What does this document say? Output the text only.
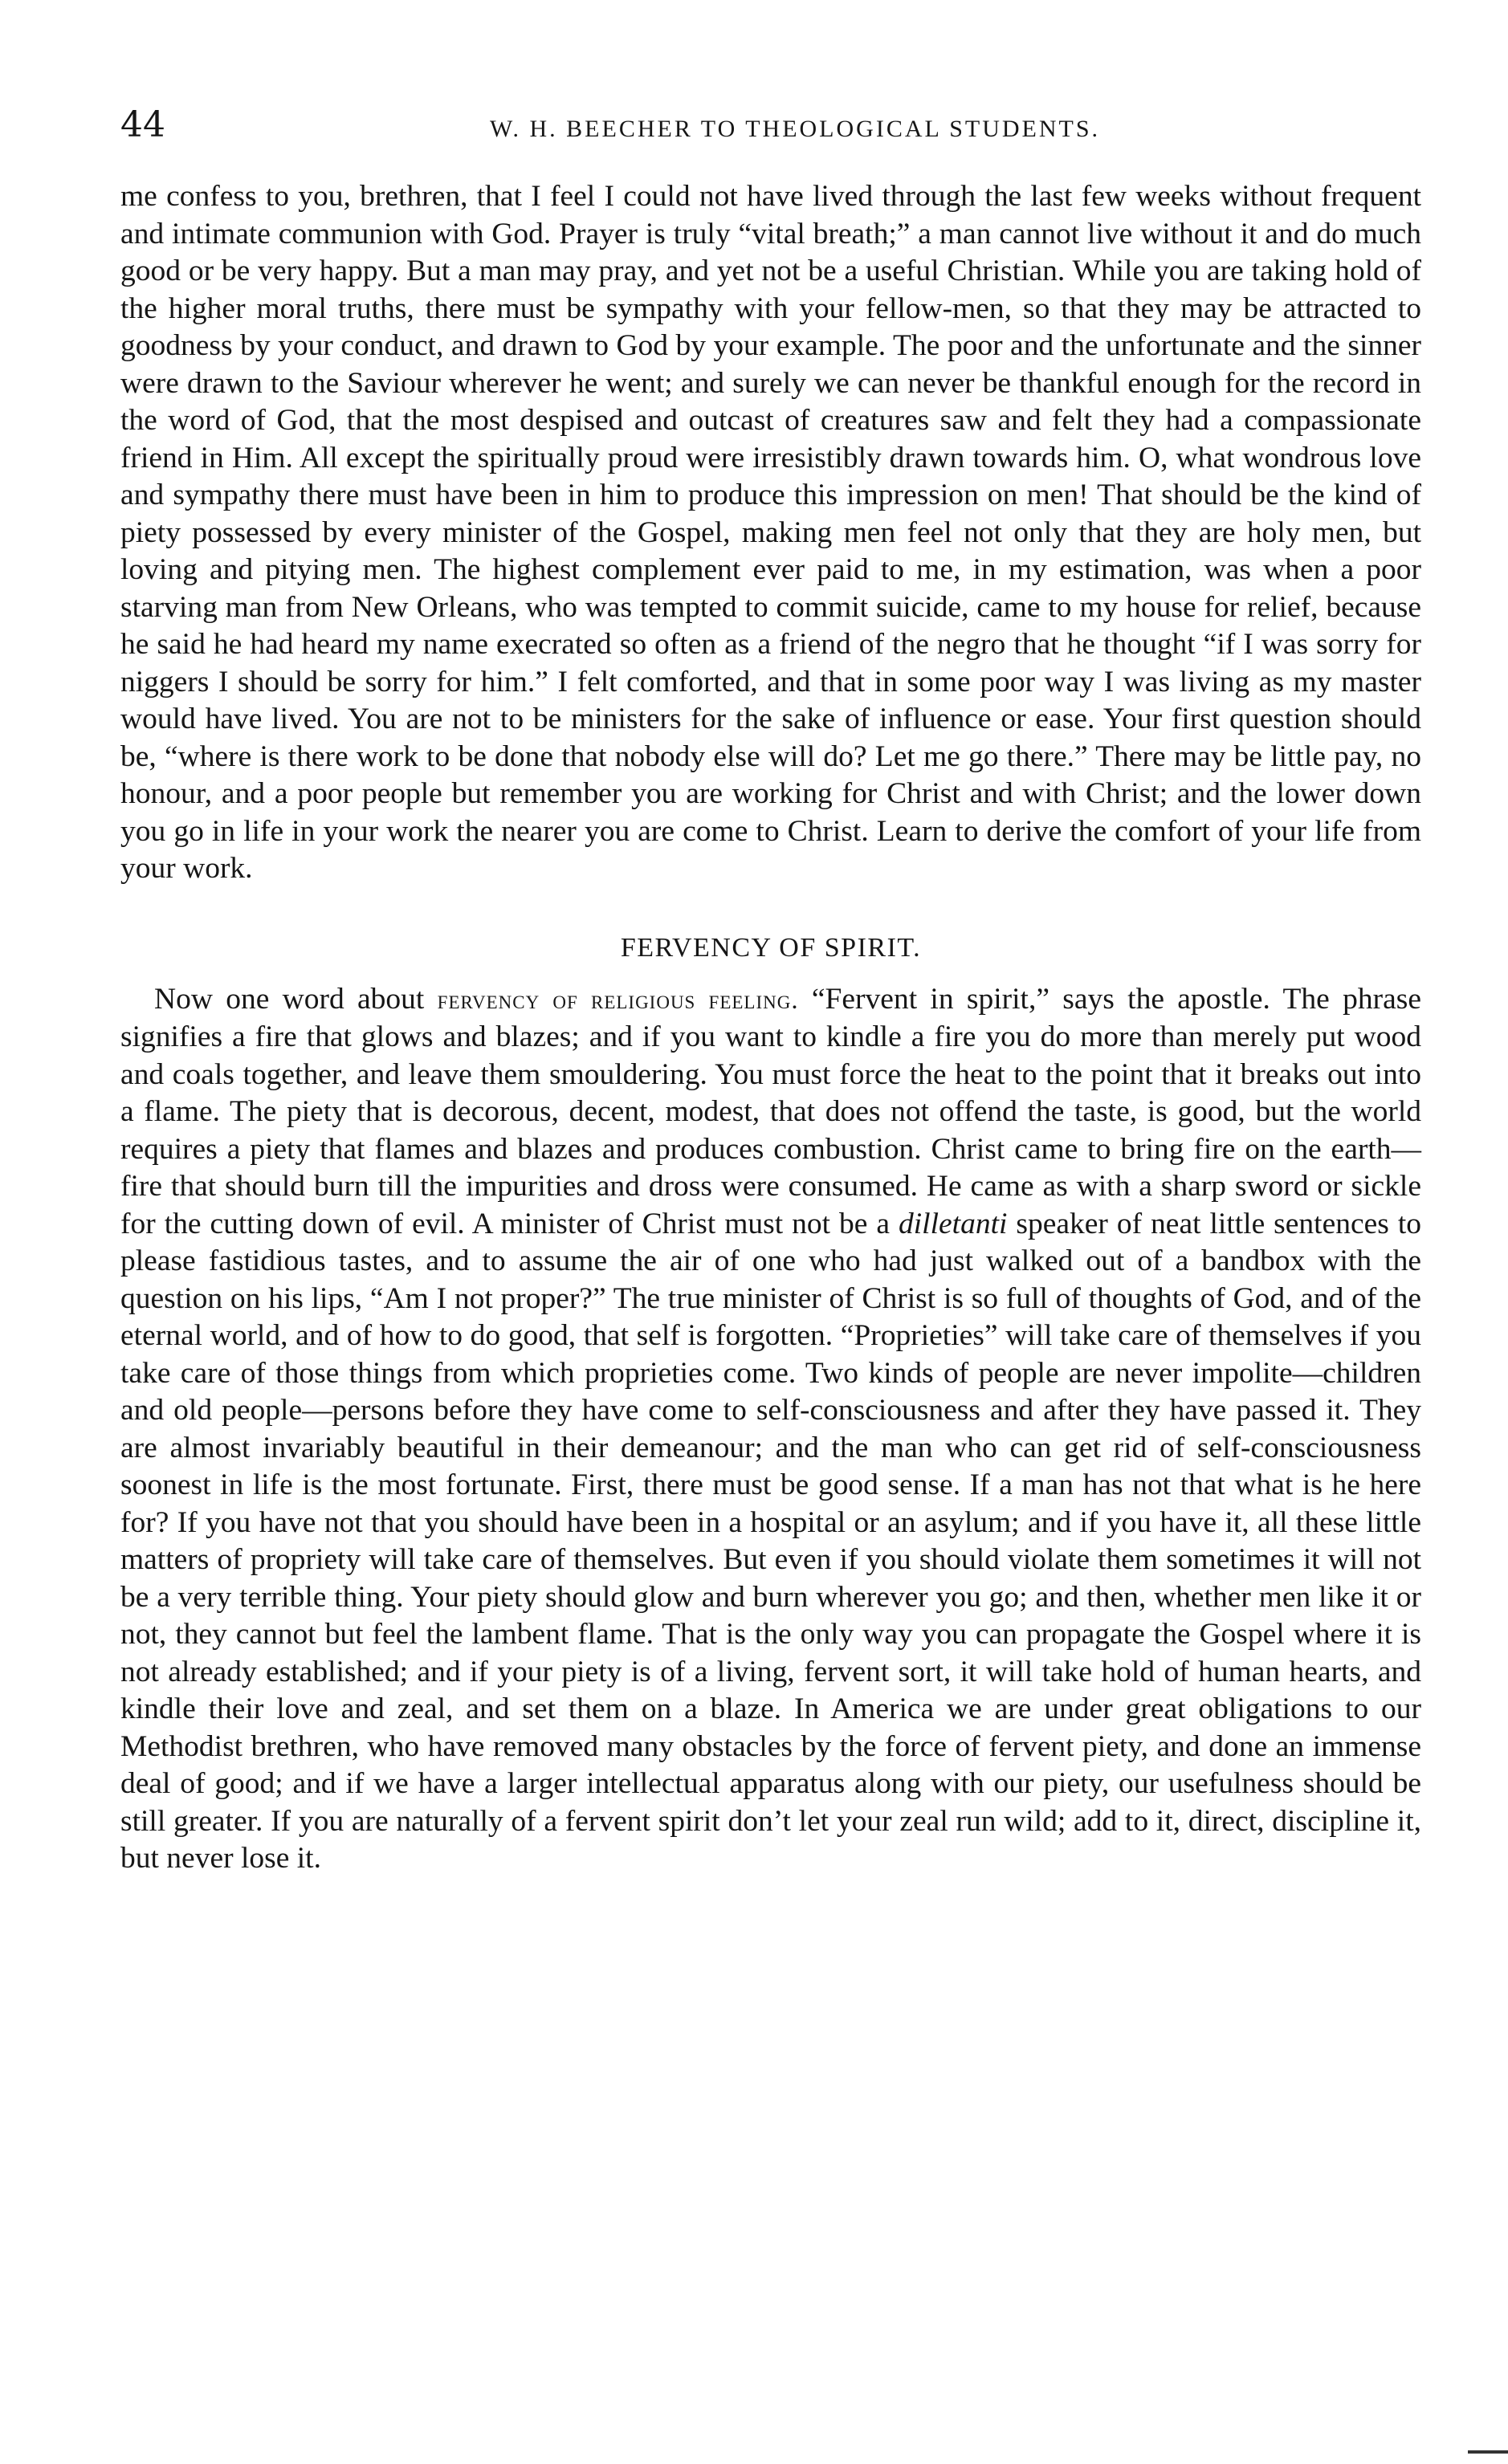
44	W. H. BEECHER TO THEOLOGICAL STUDENTS.

me confess to you, brethren, that I feel I could not have lived through the last few weeks without frequent and intimate communion with God. Prayer is truly “vital breath;” a man cannot live without it and do much good or be very happy. But a man may pray, and yet not be a useful Christian. While you are taking hold of the higher moral truths, there must be sympathy with your fellow-men, so that they may be attracted to goodness by your conduct, and drawn to God by your example. The poor and the unfortunate and the sinner were drawn to the Saviour wherever he went; and surely we can never be thankful enough for the record in the word of God, that the most despised and outcast of creatures saw and felt they had a compassionate friend in Him. All except the spiritually proud were irresistibly drawn towards him. O, what wondrous love and sympathy there must have been in him to produce this impression on men! That should be the kind of piety possessed by every minister of the Gospel, making men feel not only that they are holy men, but loving and pitying men. The highest complement ever paid to me, in my estimation, was when a poor starving man from New Orleans, who was tempted to commit suicide, came to my house for relief, because he said he had heard my name execrated so often as a friend of the negro that he thought “if I was sorry for niggers I should be sorry for him.” I felt comforted, and that in some poor way I was living as my master would have lived. You are not to be ministers for the sake of influence or ease. Your first question should be, “where is there work to be done that nobody else will do? Let me go there.” There may be little pay, no honour, and a poor people but remember you are working for Christ and with Christ; and the lower down you go in life in your work the nearer you are come to Christ. Learn to derive the comfort of your life from your work.

FERVENCY OF SPIRIT.

Now one word about fervency of religious feeling. “Fervent in spirit,” says the apostle. The phrase signifies a fire that glows and blazes; and if you want to kindle a fire you do more than merely put wood and coals together, and leave them smouldering. You must force the heat to the point that it breaks out into a flame. The piety that is decorous, decent, modest, that does not offend the taste, is good, but the world requires a piety that flames and blazes and produces combustion. Christ came to bring fire on the earth—fire that should burn till the impurities and dross were consumed. He came as with a sharp sword or sickle for the cutting down of evil. A minister of Christ must not be a dilletanti speaker of neat little sentences to please fastidious tastes, and to assume the air of one who had just walked out of a bandbox with the question on his lips, “Am I not proper?” The true minister of Christ is so full of thoughts of God, and of the eternal world, and of how to do good, that self is forgotten. “Proprieties” will take care of themselves if you take care of those things from which proprieties come. Two kinds of people are never impolite—children and old people—persons before they have come to self-consciousness and after they have passed it. They are almost invariably beautiful in their demeanour; and the man who can get rid of self-consciousness soonest in life is the most fortunate. First, there must be good sense. If a man has not that what is he here for? If you have not that you should have been in a hospital or an asylum; and if you have it, all these little matters of propriety will take care of themselves. But even if you should violate them sometimes it will not be a very terrible thing. Your piety should glow and burn wherever you go; and then, whether men like it or not, they cannot but feel the lambent flame. That is the only way you can propagate the Gospel where it is not already established; and if your piety is of a living, fervent sort, it will take hold of human hearts, and kindle their love and zeal, and set them on a blaze. In America we are under great obligations to our Methodist brethren, who have removed many obstacles by the force of fervent piety, and done an immense deal of good; and if we have a larger intellectual apparatus along with our piety, our usefulness should be still greater. If you are naturally of a fervent spirit don’t let your zeal run wild; add to it, direct, discipline it, but never lose it.
